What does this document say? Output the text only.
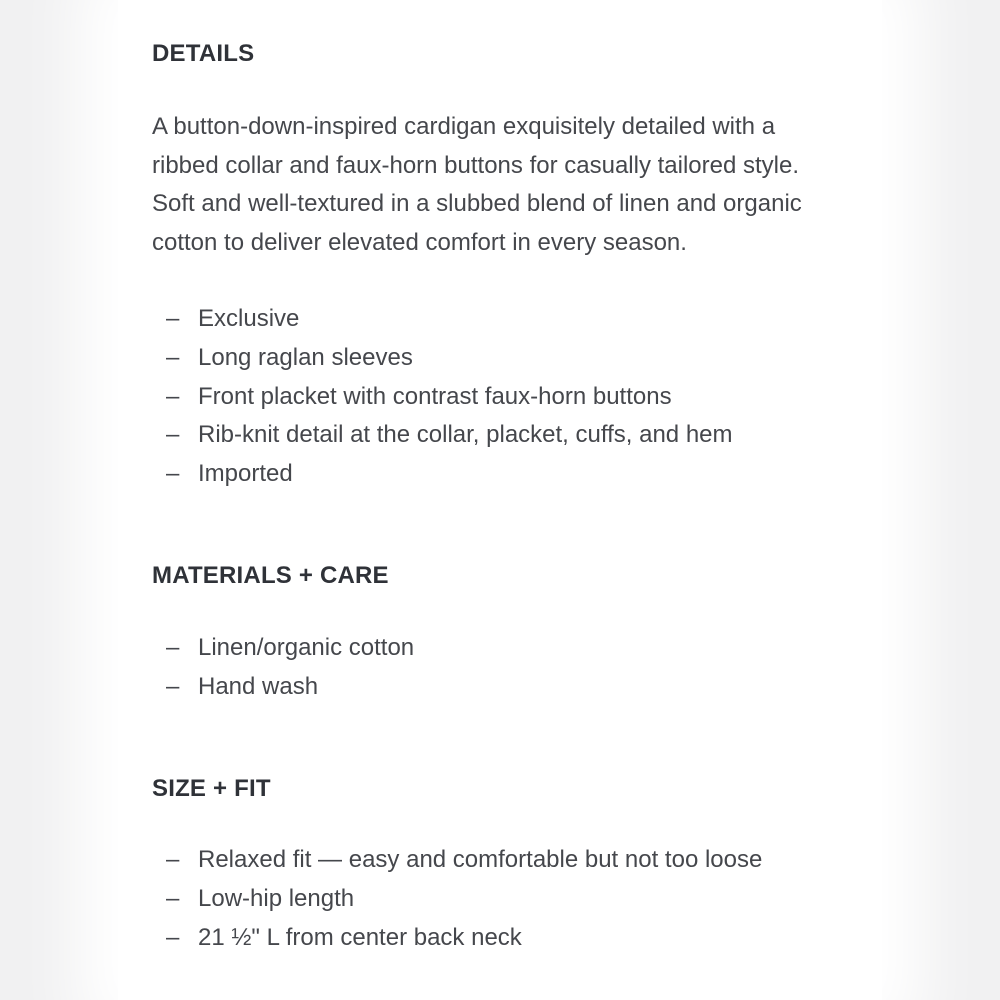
DETAILS
A button-down-inspired cardigan exquisitely detailed with a
ribbed collar and faux-horn buttons for casually tailored style.
Soft and well-textured in a slubbed blend of linen and organic
cotton to deliver elevated comfort in every season.
– Exclusive
– Long raglan sleeves
– Front placket with contrast faux-horn buttons
– Rib-knit detail at the collar, placket, cuffs, and hem
– Imported
MATERIALS + CARE
– Linen/organic cotton
– Hand wash
SIZE + FIT
– Relaxed fit — easy and comfortable but not too loose
– Low-hip length
– 21 ½" L from center back neck
